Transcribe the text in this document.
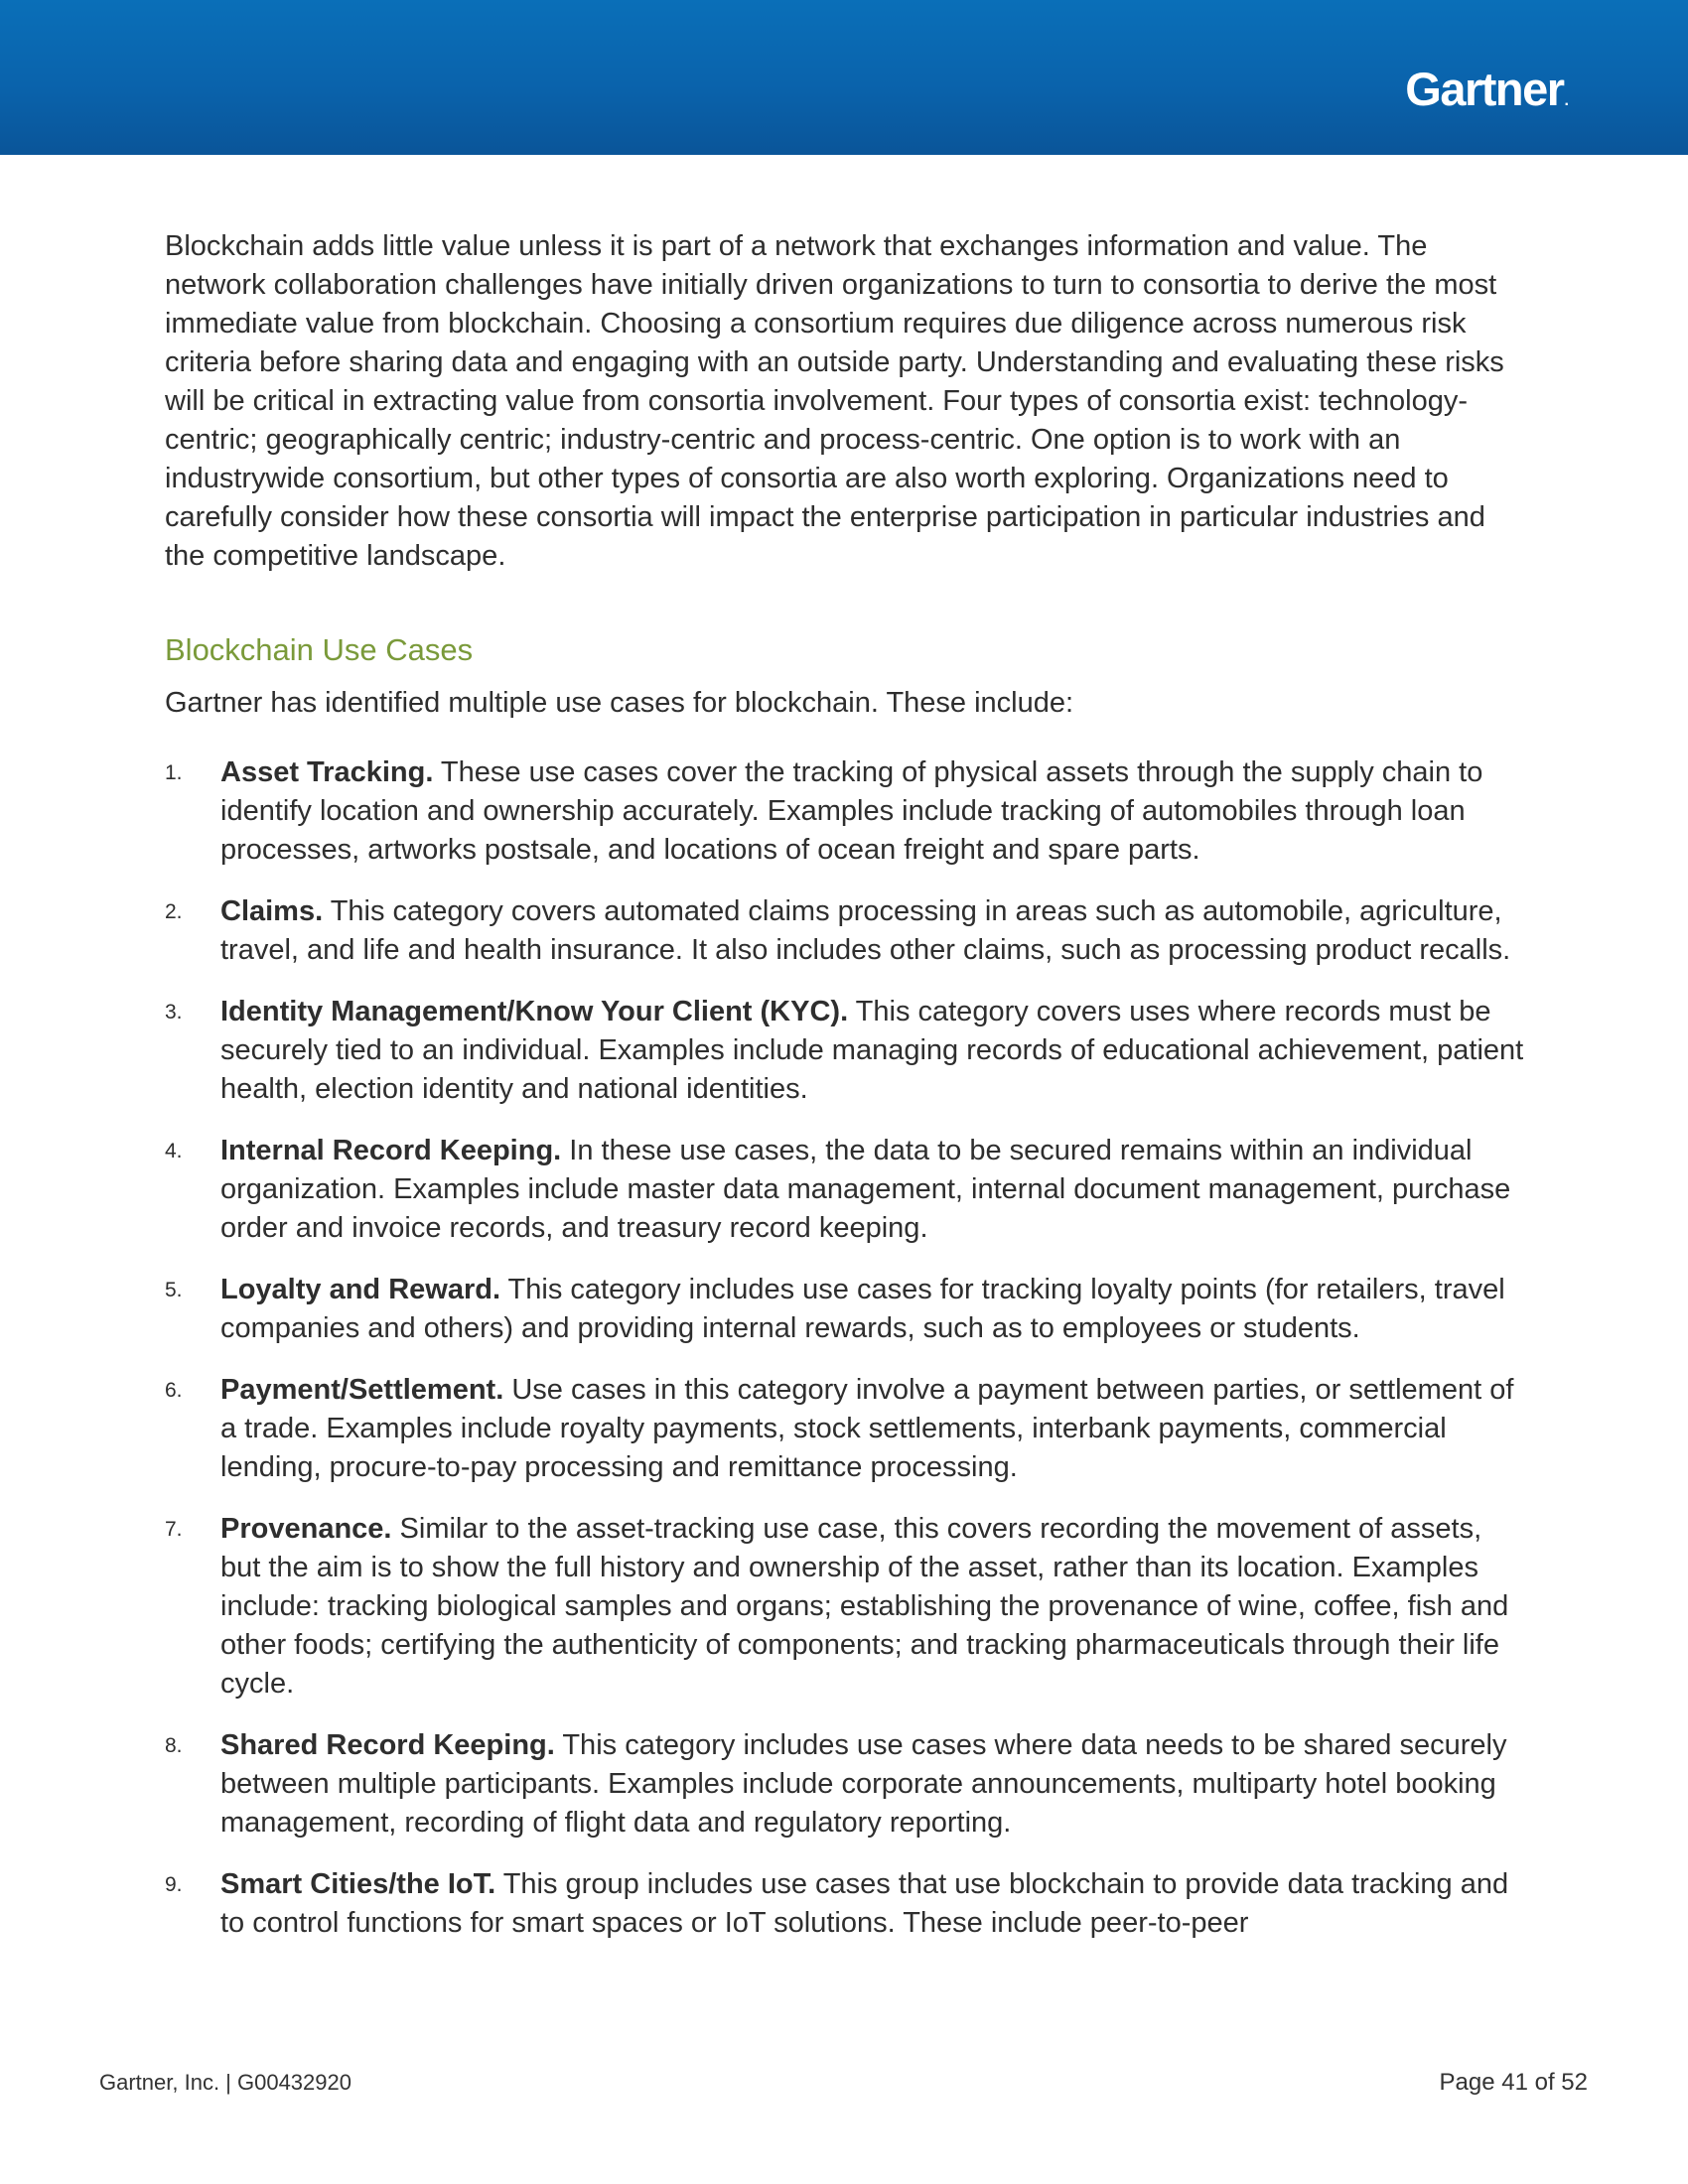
Gartner.

Blockchain adds little value unless it is part of a network that exchanges information and value. The network collaboration challenges have initially driven organizations to turn to consortia to derive the most immediate value from blockchain. Choosing a consortium requires due diligence across numerous risk criteria before sharing data and engaging with an outside party. Understanding and evaluating these risks will be critical in extracting value from consortia involvement. Four types of consortia exist: technology-centric; geographically centric; industry-centric and process-centric. One option is to work with an industrywide consortium, but other types of consortia are also worth exploring. Organizations need to carefully consider how these consortia will impact the enterprise participation in particular industries and the competitive landscape.

Blockchain Use Cases

Gartner has identified multiple use cases for blockchain. These include:

1.	Asset Tracking. These use cases cover the tracking of physical assets through the supply chain to identify location and ownership accurately. Examples include tracking of automobiles through loan processes, artworks postsale, and locations of ocean freight and spare parts.
2.	Claims. This category covers automated claims processing in areas such as automobile, agriculture, travel, and life and health insurance. It also includes other claims, such as processing product recalls.
3.	Identity Management/Know Your Client (KYC). This category covers uses where records must be securely tied to an individual. Examples include managing records of educational achievement, patient health, election identity and national identities.
4.	Internal Record Keeping. In these use cases, the data to be secured remains within an individual organization. Examples include master data management, internal document management, purchase order and invoice records, and treasury record keeping.
5.	Loyalty and Reward. This category includes use cases for tracking loyalty points (for retailers, travel companies and others) and providing internal rewards, such as to employees or students.
6.	Payment/Settlement. Use cases in this category involve a payment between parties, or settlement of a trade. Examples include royalty payments, stock settlements, interbank payments, commercial lending, procure-to-pay processing and remittance processing.
7.	Provenance. Similar to the asset-tracking use case, this covers recording the movement of assets, but the aim is to show the full history and ownership of the asset, rather than its location. Examples include: tracking biological samples and organs; establishing the provenance of wine, coffee, fish and other foods; certifying the authenticity of components; and tracking pharmaceuticals through their life cycle.
8.	Shared Record Keeping. This category includes use cases where data needs to be shared securely between multiple participants. Examples include corporate announcements, multiparty hotel booking management, recording of flight data and regulatory reporting.
9.	Smart Cities/the IoT. This group includes use cases that use blockchain to provide data tracking and to control functions for smart spaces or IoT solutions. These include peer-to-peer
Gartner, Inc. | G00432920	Page 41 of 52
